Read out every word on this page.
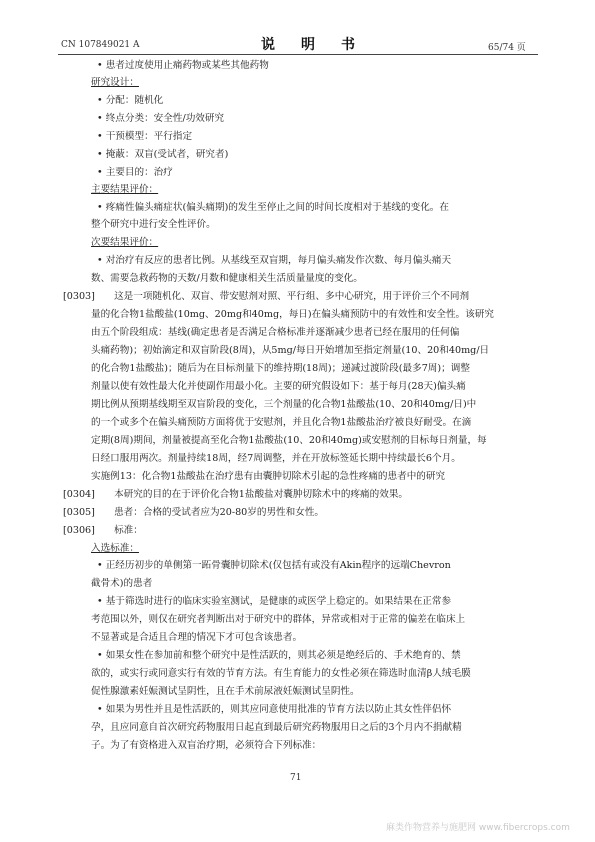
CN 107849021 A	说　明　书	65/74 页
• 患者过度使用止痛药物或某些其他药物
研究设计：
• 分配：随机化
• 终点分类：安全性/功效研究
• 干预模型：平行指定
• 掩蔽：双盲(受试者，研究者)
• 主要目的：治疗
主要结果评价：
• 疼痛性偏头痛症状(偏头痛期)的发生至停止之间的时间长度相对于基线的变化。在
整个研究中进行安全性评价。
次要结果评价：
• 对治疗有反应的患者比例。从基线至双盲期，每月偏头痛发作次数、每月偏头痛天
数、需要急救药物的天数/月数和健康相关生活质量量度的变化。
[0303]　　这是一项随机化、双盲、带安慰剂对照、平行组、多中心研究，用于评价三个不同剂
量的化合物1盐酸盐(10mg、20mg和40mg，每日)在偏头痛预防中的有效性和安全性。该研究
由五个阶段组成：基线(确定患者是否满足合格标准并逐渐减少患者已经在服用的任何偏
头痛药物)；初始滴定和双盲阶段(8周)，从5mg/每日开始增加至指定剂量(10、20和40mg/日
的化合物1盐酸盐)；随后为在目标剂量下的维持期(18周)；递减过渡阶段(最多7周)；调整
剂量以使有效性最大化并使副作用最小化。主要的研究假设如下：基于每月(28天)偏头痛
期比例从预期基线期至双盲阶段的变化，三个剂量的化合物1盐酸盐(10、20和40mg/日)中
的一个或多个在偏头痛预防方面将优于安慰剂，并且化合物1盐酸盐治疗被良好耐受。在滴
定期(8周)期间，剂量被提高至化合物1盐酸盐(10、20和40mg)或安慰剂的目标每日剂量，每
日经口服用两次。剂量持续18周，经7周调整，并在开放标签延长期中持续最长6个月。
实施例13：化合物1盐酸盐在治疗患有由囊肿切除术引起的急性疼痛的患者中的研究
[0304]　　本研究的目的在于评价化合物1盐酸盐对囊肿切除术中的疼痛的效果。
[0305]　　患者：合格的受试者应为20-80岁的男性和女性。
[0306]　　标准：
入选标准：
• 正经历初步的单侧第一跖骨囊肿切除术(仅包括有或没有Akin程序的远端Chevron
截骨术)的患者
• 基于筛选时进行的临床实验室测试，是健康的或医学上稳定的。如果结果在正常参
考范围以外，则仅在研究者判断出对于研究中的群体，异常或相对于正常的偏差在临床上
不显著或是合适且合理的情况下才可包含该患者。
• 如果女性在参加前和整个研究中是性活跃的，则其必须是绝经后的、手术绝育的、禁
欲的，或实行或同意实行有效的节育方法。有生育能力的女性必须在筛选时血清β人绒毛膜
促性腺激素妊娠测试呈阴性，且在手术前尿液妊娠测试呈阴性。
• 如果为男性并且是性活跃的，则其应同意使用批准的节育方法以防止其女性伴侣怀
孕，且应同意自首次研究药物服用日起直到最后研究药物服用日之后的3个月内不捐献精
子。为了有资格进入双盲治疗期，必须符合下列标准：
71
麻类作物营养与施肥网 www.fibercrops.com
